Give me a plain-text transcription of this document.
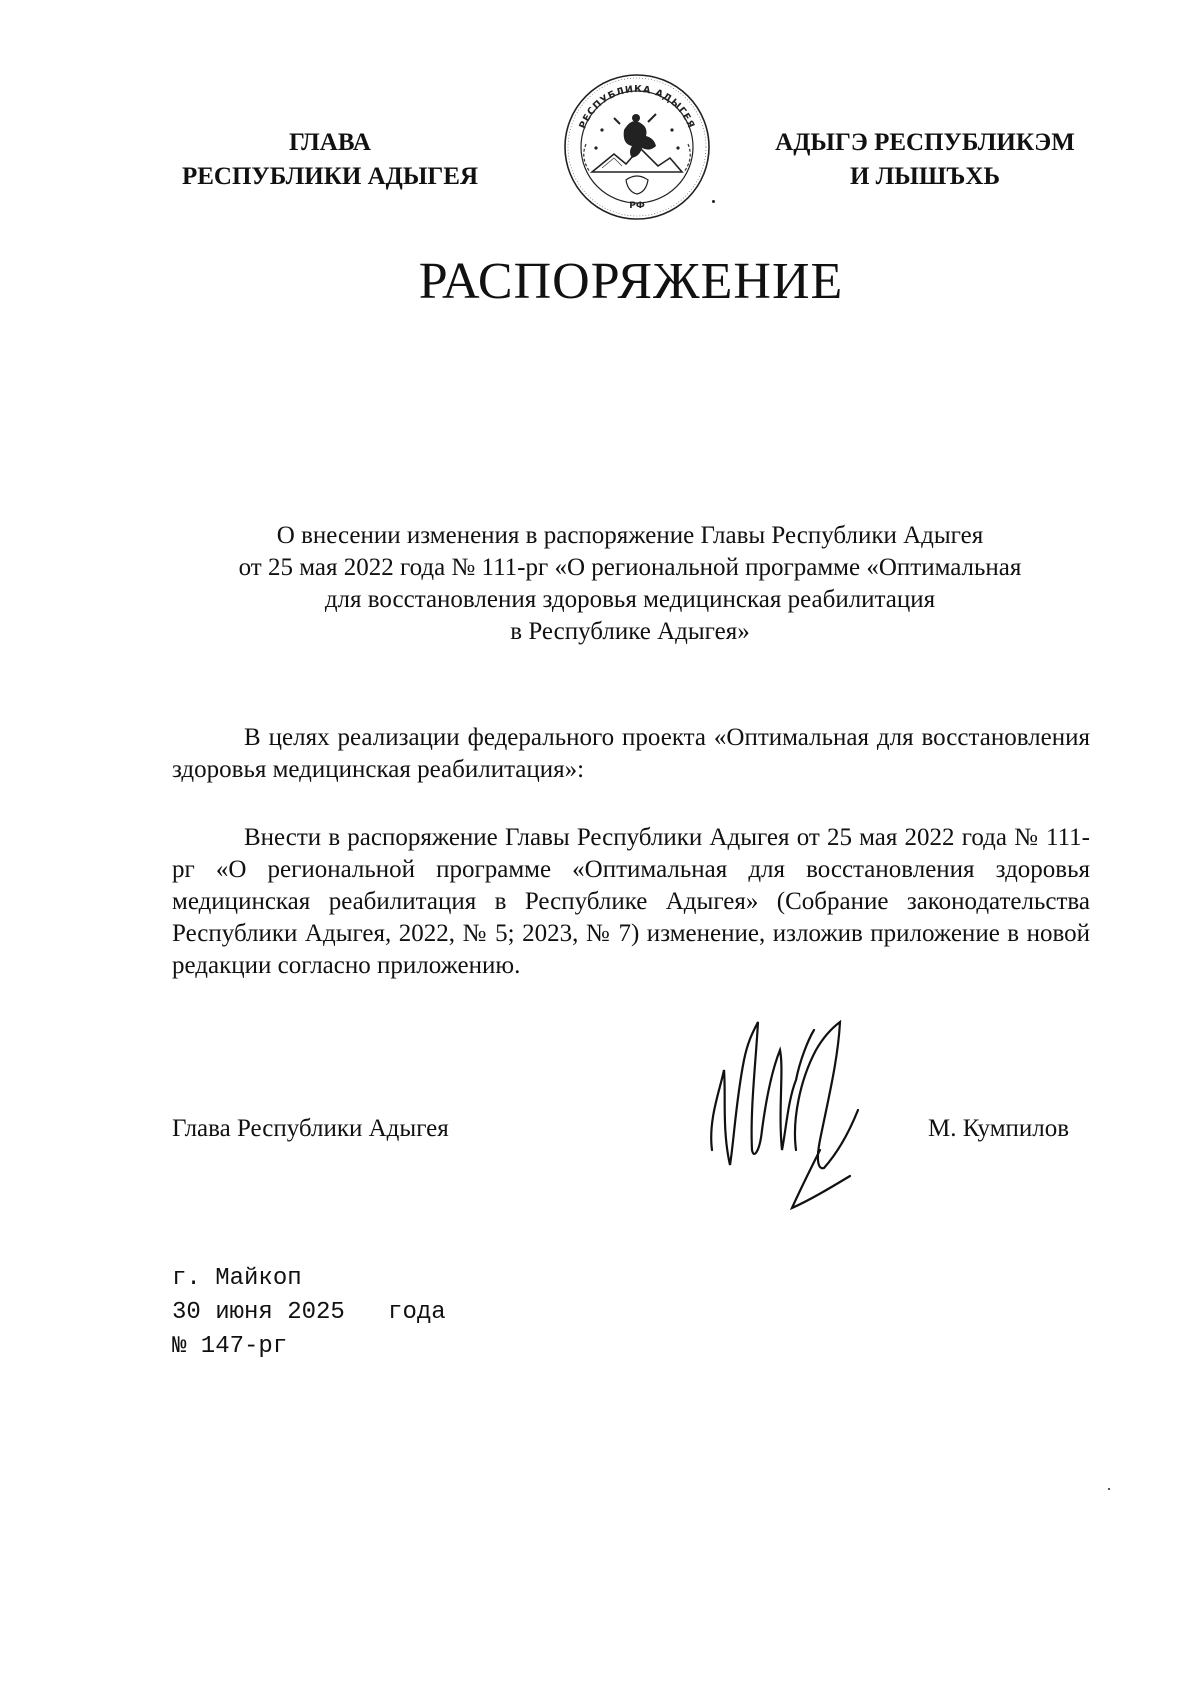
ГЛАВА
РЕСПУБЛИКИ АДЫГЕЯ
РЕСПУБЛИКА АДЫГЕЯ
РФ
АДЫГЭ РЕСПУБЛИКЭМ
И ЛЫШЪХЬ
РАСПОРЯЖЕНИЕ
О внесении изменения в распоряжение Главы Республики Адыгея
от 25 мая 2022 года № 111-рг «О региональной программе «Оптимальная
для восстановления здоровья медицинская реабилитация
в Республике Адыгея»
В целях реализации федерального проекта «Оптимальная для восстановления здоровья медицинская реабилитация»:
Внести в распоряжение Главы Республики Адыгея от 25 мая 2022 года № 111-рг «О региональной программе «Оптимальная для восстановления здоровья медицинская реабилитация в Республике Адыгея» (Собрание законодательства Республики Адыгея, 2022, № 5; 2023, № 7) изменение, изложив приложение в новой редакции согласно приложению.
Глава Республики Адыгея	М. Кумпилов
г. Майкоп
30 июня 2025   года
№ 147-рг
